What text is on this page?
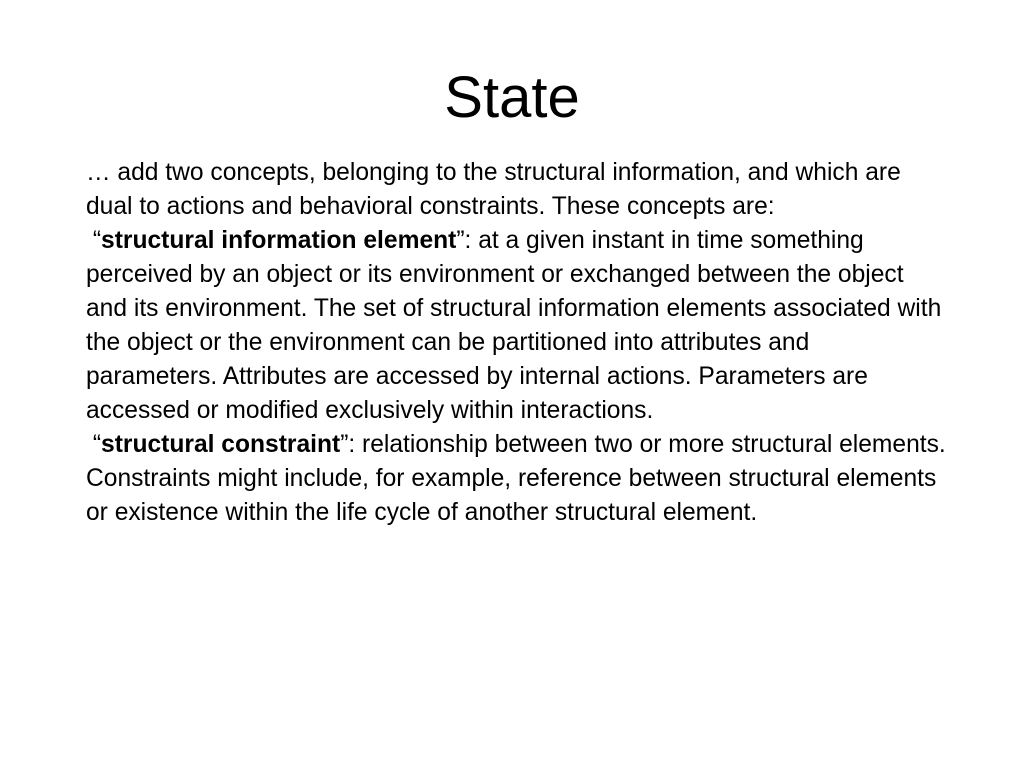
State

… add two concepts, belonging to the structural information, and which are dual to actions and behavioral constraints. These concepts are:

“structural information element”: at a given instant in time something perceived by an object or its environment or exchanged between the object and its environment. The set of structural information elements associated with the object or the environment can be partitioned into attributes and parameters. Attributes are accessed by internal actions. Parameters are accessed or modified exclusively within interactions.

“structural constraint”: relationship between two or more structural elements. Constraints might include, for example, reference between structural elements or existence within the life cycle of another structural element.
